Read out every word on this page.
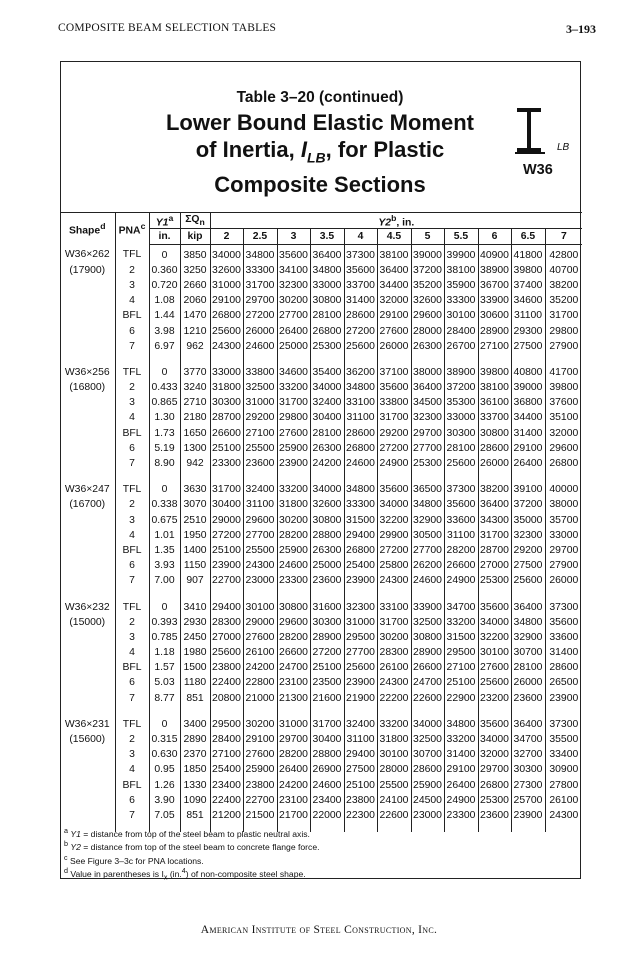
COMPOSITE BEAM SELECTION TABLES	3–193
Table 3–20 (continued)
Lower Bound Elastic Moment
of Inertia, $I_{LB}$, for Plastic
Composite Sections
LB
W36
Shape$^d$	PNA$^c$	Y1$^a$	$\Sigma Q_n$	Y2$^b$, in.										
		in.	kip	2	2.5	3	3.5	4	4.5	5	5.5	6	6.5	7
W36×262	TFL	0	3850	34000	34800	35600	36400	37300	38100	39000	39900	40900	41800	42800
(17900)	2	0.360	3250	32600	33300	34100	34800	35600	36400	37200	38100	38900	39800	40700
	3	0.720	2660	31000	31700	32300	33000	33700	34400	35200	35900	36700	37400	38200
	4	1.08	2060	29100	29700	30200	30800	31400	32000	32600	33300	33900	34600	35200
	BFL	1.44	1470	26800	27200	27700	28100	28600	29100	29600	30100	30600	31100	31700
	6	3.98	1210	25600	26000	26400	26800	27200	27600	28000	28400	28900	29300	29800
	7	6.97	962	24300	24600	25000	25300	25600	26000	26300	26700	27100	27500	27900
W36×256	TFL	0	3770	33000	33800	34600	35400	36200	37100	38000	38900	39800	40800	41700
(16800)	2	0.433	3240	31800	32500	33200	34000	34800	35600	36400	37200	38100	39000	39800
	3	0.865	2710	30300	31000	31700	32400	33100	33800	34500	35300	36100	36800	37600
	4	1.30	2180	28700	29200	29800	30400	31100	31700	32300	33000	33700	34400	35100
	BFL	1.73	1650	26600	27100	27600	28100	28600	29200	29700	30300	30800	31400	32000
	6	5.19	1300	25100	25500	25900	26300	26800	27200	27700	28100	28600	29100	29600
	7	8.90	942	23300	23600	23900	24200	24600	24900	25300	25600	26000	26400	26800
W36×247	TFL	0	3630	31700	32400	33200	34000	34800	35600	36500	37300	38200	39100	40000
(16700)	2	0.338	3070	30400	31100	31800	32600	33300	34000	34800	35600	36400	37200	38000
	3	0.675	2510	29000	29600	30200	30800	31500	32200	32900	33600	34300	35000	35700
	4	1.01	1950	27200	27700	28200	28800	29400	29900	30500	31100	31700	32300	33000
	BFL	1.35	1400	25100	25500	25900	26300	26800	27200	27700	28200	28700	29200	29700
	6	3.93	1150	23900	24300	24600	25000	25400	25800	26200	26600	27000	27500	27900
	7	7.00	907	22700	23000	23300	23600	23900	24300	24600	24900	25300	25600	26000
W36×232	TFL	0	3410	29400	30100	30800	31600	32300	33100	33900	34700	35600	36400	37300
(15000)	2	0.393	2930	28300	29000	29600	30300	31000	31700	32500	33200	34000	34800	35600
	3	0.785	2450	27000	27600	28200	28900	29500	30200	30800	31500	32200	32900	33600
	4	1.18	1980	25600	26100	26600	27200	27700	28300	28900	29500	30100	30700	31400
	BFL	1.57	1500	23800	24200	24700	25100	25600	26100	26600	27100	27600	28100	28600
	6	5.03	1180	22400	22800	23100	23500	23900	24300	24700	25100	25600	26000	26500
	7	8.77	851	20800	21000	21300	21600	21900	22200	22600	22900	23200	23600	23900
W36×231	TFL	0	3400	29500	30200	31000	31700	32400	33200	34000	34800	35600	36400	37300
(15600)	2	0.315	2890	28400	29100	29700	30400	31100	31800	32500	33200	34000	34700	35500
	3	0.630	2370	27100	27600	28200	28800	29400	30100	30700	31400	32000	32700	33400
	4	0.95	1850	25400	25900	26400	26900	27500	28000	28600	29100	29700	30300	30900
	BFL	1.26	1330	23400	23800	24200	24600	25100	25500	25900	26400	26800	27300	27800
	6	3.90	1090	22400	22700	23100	23400	23800	24100	24500	24900	25300	25700	26100
	7	7.05	851	21200	21500	21700	22000	22300	22600	23000	23300	23600	23900	24300
$^a$ Y1 = distance from top of the steel beam to plastic neutral axis.
$^b$ Y2 = distance from top of the steel beam to concrete flange force.
$^c$ See Figure 3–3c for PNA locations.
$^d$ Value in parentheses is $I_x$ (in.$^4$) of non-composite steel shape.
American Institute of Steel Construction, Inc.
